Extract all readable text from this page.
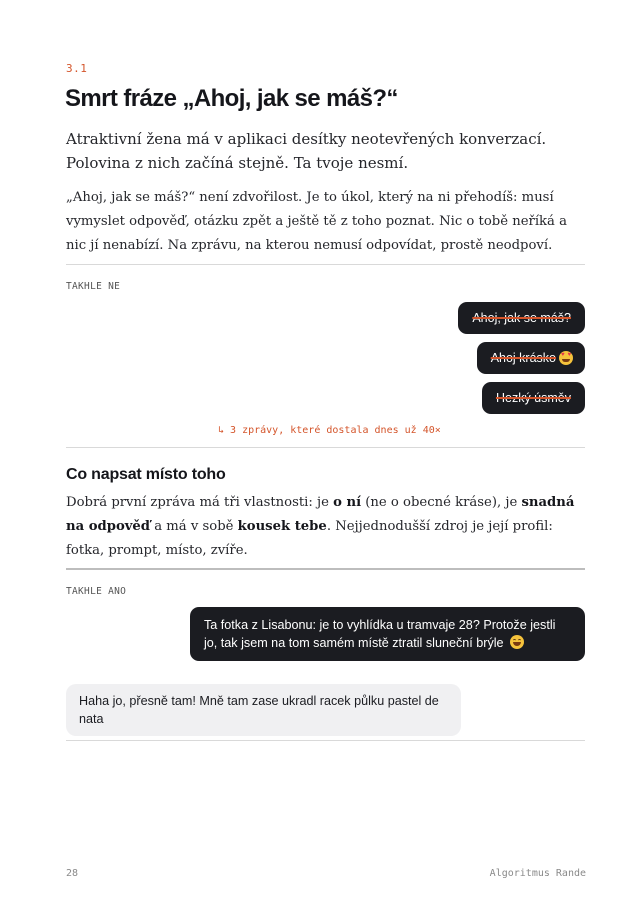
3.1
Smrt fráze „Ahoj, jak se máš?“

Atraktivní žena má v aplikaci desítky neotevřených konverzací. Polovina z nich začíná stejně. Ta tvoje nesmí.

„Ahoj, jak se máš?“ není zdvořilost. Je to úkol, který na ni přehodíš: musí vymyslet odpověď, otázku zpět a ještě tě z toho poznat. Nic o tobě neříká a nic jí nenabízí. Na zprávu, na kterou nemusí odpovídat, prostě neodpoví.

TAKHLE NE
Ahoj, jak se máš?
Ahoj krásko
♥
♥
Hezký úsměv
↳ 3 zprávy, které dostala dnes už 40×
Co napsat místo toho

Dobrá první zpráva má tři vlastnosti: je o ní (ne o obecné kráse), je snadná na odpověď a má v sobě kousek tebe. Nejjednodušší zdroj je její profil: fotka, prompt, místo, zvíře.

TAKHLE ANO
Ta fotka z Lisabonu: je to vyhlídka u tramvaje 28? Protože jestli jo, tak jsem na tom samém místě ztratil sluneční brýle
Haha jo, přesně tam! Mně tam zase ukradl racek půlku pastel de nata
28	Algoritmus Rande
